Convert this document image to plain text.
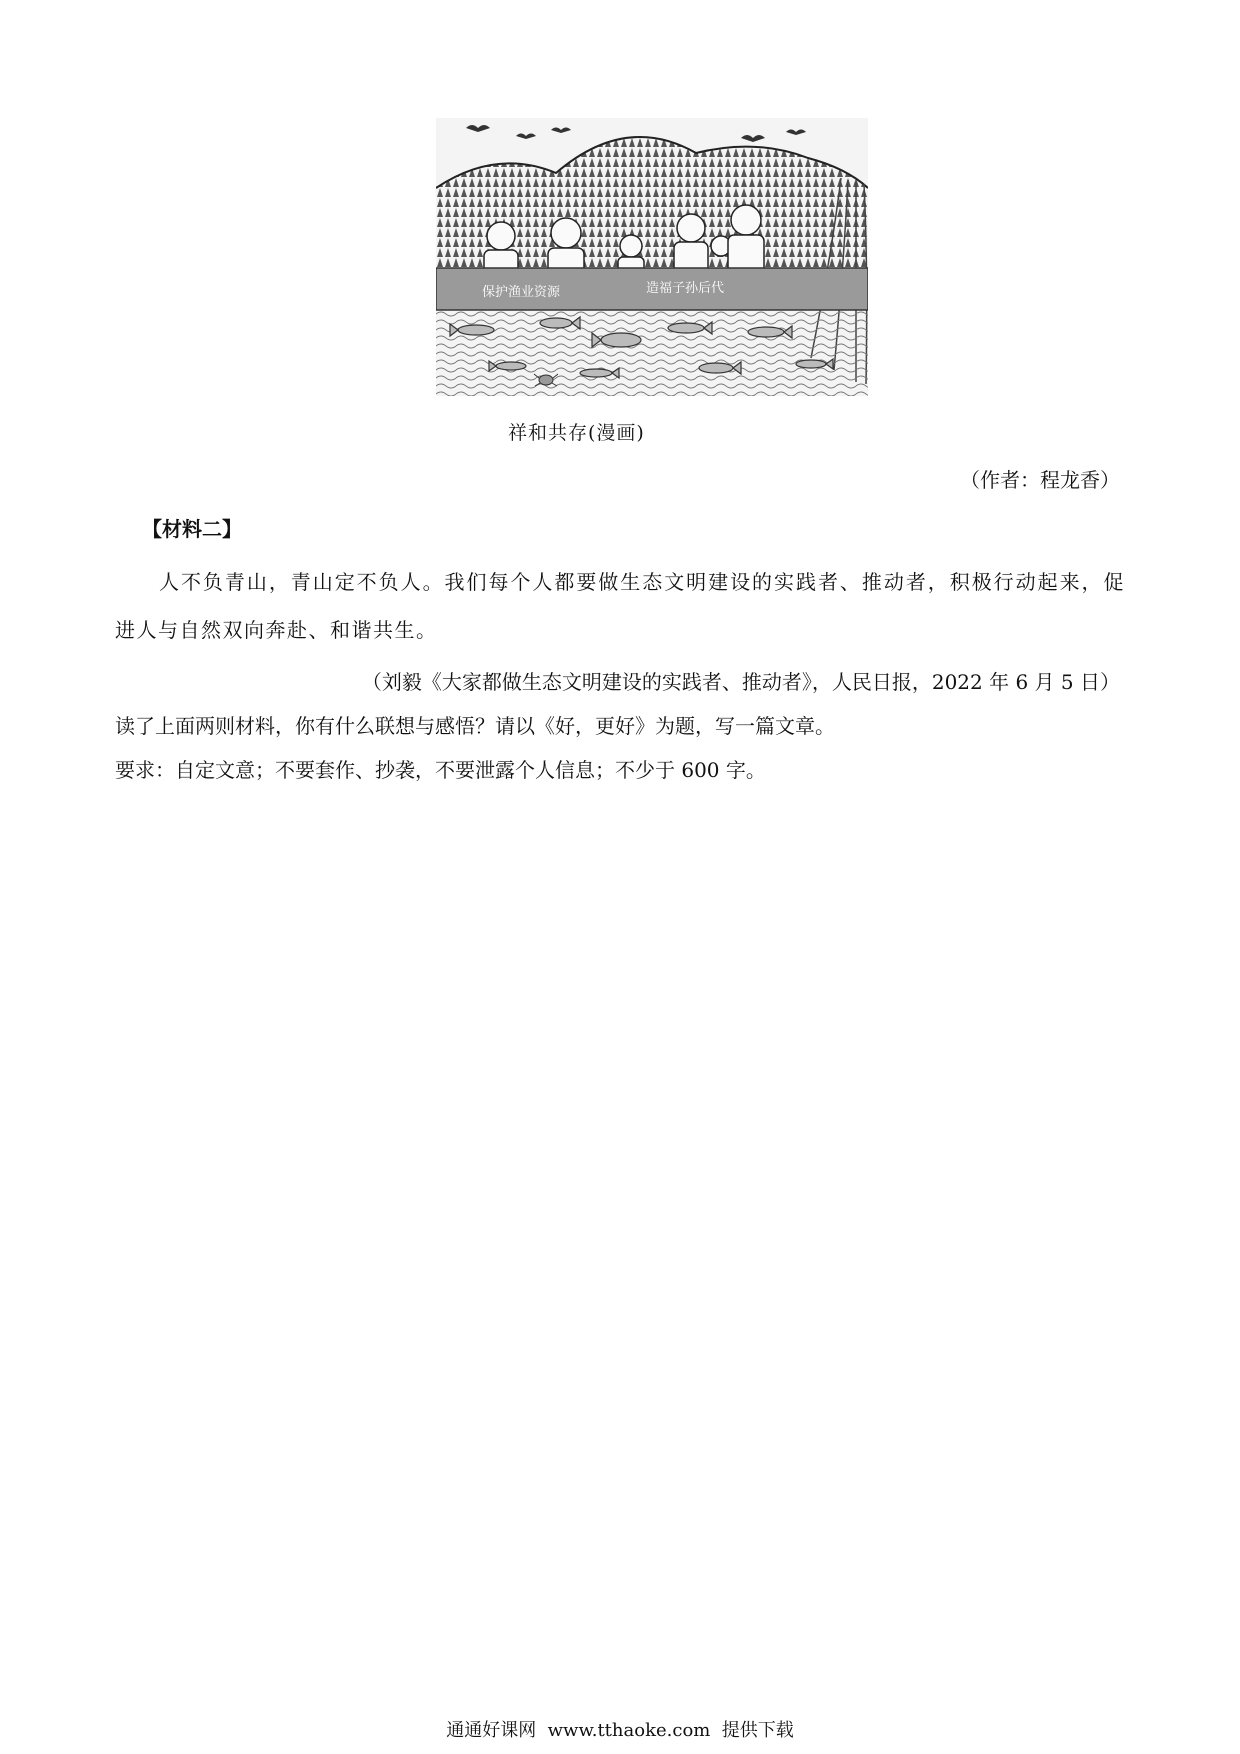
保护渔业资源	造福子孙后代
祥和共存(漫画)
（作者：程龙香）
【材料二】
人不负青山，青山定不负人。我们每个人都要做生态文明建设的实践者、推动者，积极行动起来，促进人与自然双向奔赴、和谐共生。
（刘毅《大家都做生态文明建设的实践者、推动者》，人民日报，2022 年 6 月 5 日）
读了上面两则材料，你有什么联想与感悟？请以《好，更好》为题，写一篇文章。
要求：自定文意；不要套作、抄袭，不要泄露个人信息；不少于 600 字。
通通好课网  www.tthaoke.com  提供下载
